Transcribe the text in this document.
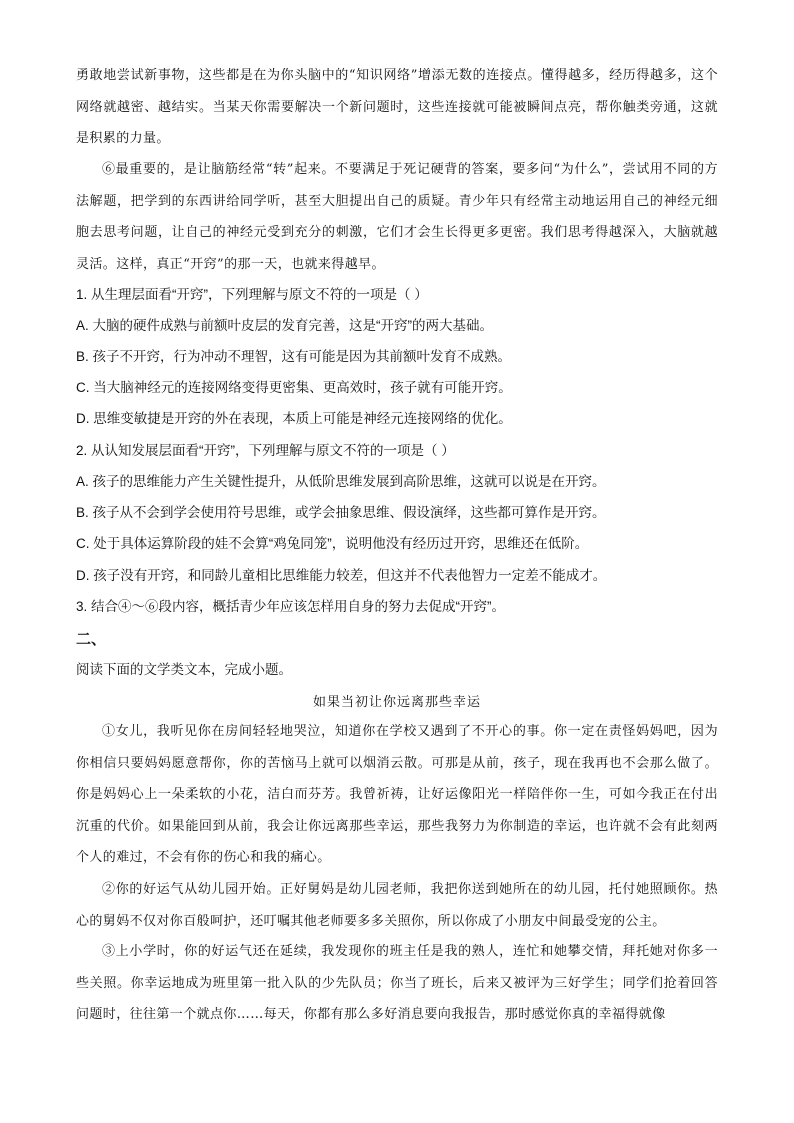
勇敢地尝试新事物，这些都是在为你头脑中的“知识网络”增添无数的连接点。懂得越多，经历得越多，这个网络就越密、越结实。当某天你需要解决一个新问题时，这些连接就可能被瞬间点亮，帮你触类旁通，这就是积累的力量。

⑥最重要的，是让脑筋经常“转”起来。不要满足于死记硬背的答案，要多问“为什么”，尝试用不同的方法解题，把学到的东西讲给同学听，甚至大胆提出自己的质疑。青少年只有经常主动地运用自己的神经元细胞去思考问题，让自己的神经元受到充分的刺激，它们才会生长得更多更密。我们思考得越深入，大脑就越灵活。这样，真正“开窍”的那一天，也就来得越早。

1. 从生理层面看“开窍”，下列理解与原文不符的一项是（ ）

A. 大脑的硬件成熟与前额叶皮层的发育完善，这是“开窍”的两大基础。

B. 孩子不开窍，行为冲动不理智，这有可能是因为其前额叶发育不成熟。

C. 当大脑神经元的连接网络变得更密集、更高效时，孩子就有可能开窍。

D. 思维变敏捷是开窍的外在表现，本质上可能是神经元连接网络的优化。

2. 从认知发展层面看“开窍”，下列理解与原文不符的一项是（ ）

A. 孩子的思维能力产生关键性提升，从低阶思维发展到高阶思维，这就可以说是在开窍。

B. 孩子从不会到学会使用符号思维，或学会抽象思维、假设演绎，这些都可算作是开窍。

C. 处于具体运算阶段的娃不会算“鸡兔同笼”，说明他没有经历过开窍，思维还在低阶。

D. 孩子没有开窍，和同龄儿童相比思维能力较差，但这并不代表他智力一定差不能成才。

3. 结合④～⑥段内容，概括青少年应该怎样用自身的努力去促成“开窍”。

二、

阅读下面的文学类文本，完成小题。

如果当初让你远离那些幸运

①女儿，我听见你在房间轻轻地哭泣，知道你在学校又遇到了不开心的事。你一定在责怪妈妈吧，因为你相信只要妈妈愿意帮你，你的苦恼马上就可以烟消云散。可那是从前，孩子，现在我再也不会那么做了。你是妈妈心上一朵柔软的小花，洁白而芬芳。我曾祈祷，让好运像阳光一样陪伴你一生，可如今我正在付出沉重的代价。如果能回到从前，我会让你远离那些幸运，那些我努力为你制造的幸运，也许就不会有此刻两个人的难过，不会有你的伤心和我的痛心。

②你的好运气从幼儿园开始。正好舅妈是幼儿园老师，我把你送到她所在的幼儿园，托付她照顾你。热心的舅妈不仅对你百般呵护，还叮嘱其他老师要多多关照你，所以你成了小朋友中间最受宠的公主。

③上小学时，你的好运气还在延续，我发现你的班主任是我的熟人，连忙和她攀交情，拜托她对你多一些关照。你幸运地成为班里第一批入队的少先队员；你当了班长，后来又被评为三好学生；同学们抢着回答问题时，往往第一个就点你……每天，你都有那么多好消息要向我报告，那时感觉你真的幸福得就像
